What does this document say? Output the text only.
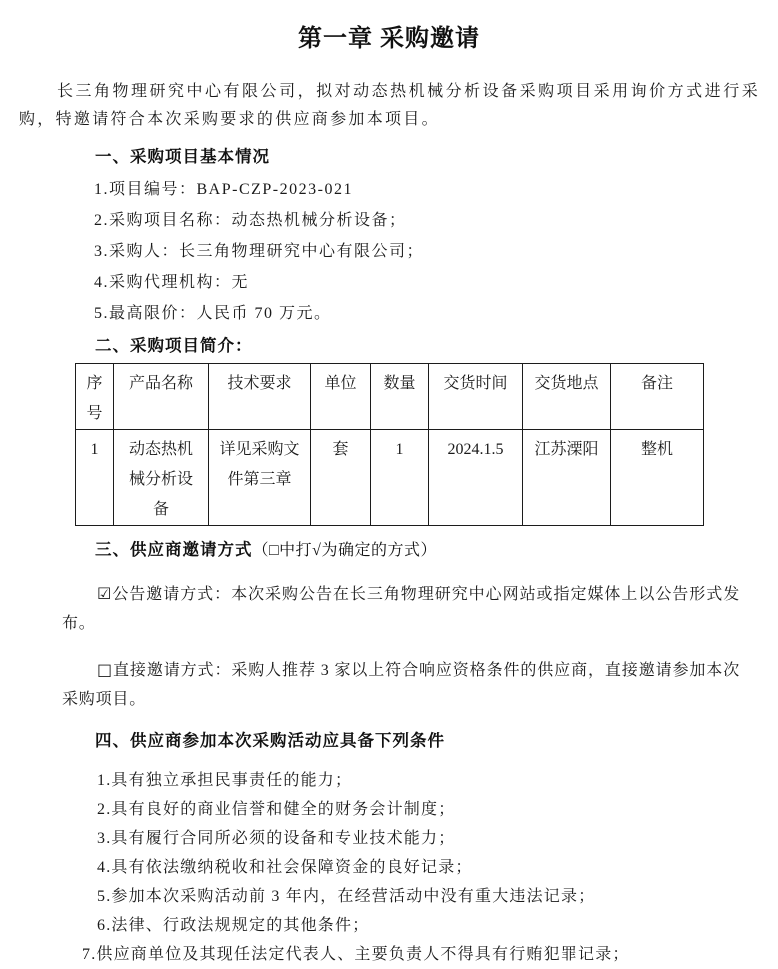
第一章 采购邀请

长三角物理研究中心有限公司，拟对动态热机械分析设备采购项目采用询价方式进行采购，特邀请符合本次采购要求的供应商参加本项目。

一、采购项目基本情况
1.项目编号：BAP-CZP-2023-021
2.采购项目名称：动态热机械分析设备；
3.采购人：长三角物理研究中心有限公司；
4.采购代理机构：无
5.最高限价：人民币 70 万元。
二、采购项目简介：
序号	产品名称	技术要求	单位	数量	交货时间	交货地点	备注
1	动态热机械分析设备	详见采购文件第三章	套	1	2024.1.5	江苏溧阳	整机
三、供应商邀请方式（□中打√为确定的方式）

☑公告邀请方式：本次采购公告在长三角物理研究中心网站或指定媒体上以公告形式发布。

□直接邀请方式：采购人推荐 3 家以上符合响应资格条件的供应商，直接邀请参加本次采购项目。

四、供应商参加本次采购活动应具备下列条件
1.具有独立承担民事责任的能力；
2.具有良好的商业信誉和健全的财务会计制度；
3.具有履行合同所必须的设备和专业技术能力；
4.具有依法缴纳税收和社会保障资金的良好记录；
5.参加本次采购活动前 3 年内，在经营活动中没有重大违法记录；
6.法律、行政法规规定的其他条件；
7.供应商单位及其现任法定代表人、主要负责人不得具有行贿犯罪记录；
